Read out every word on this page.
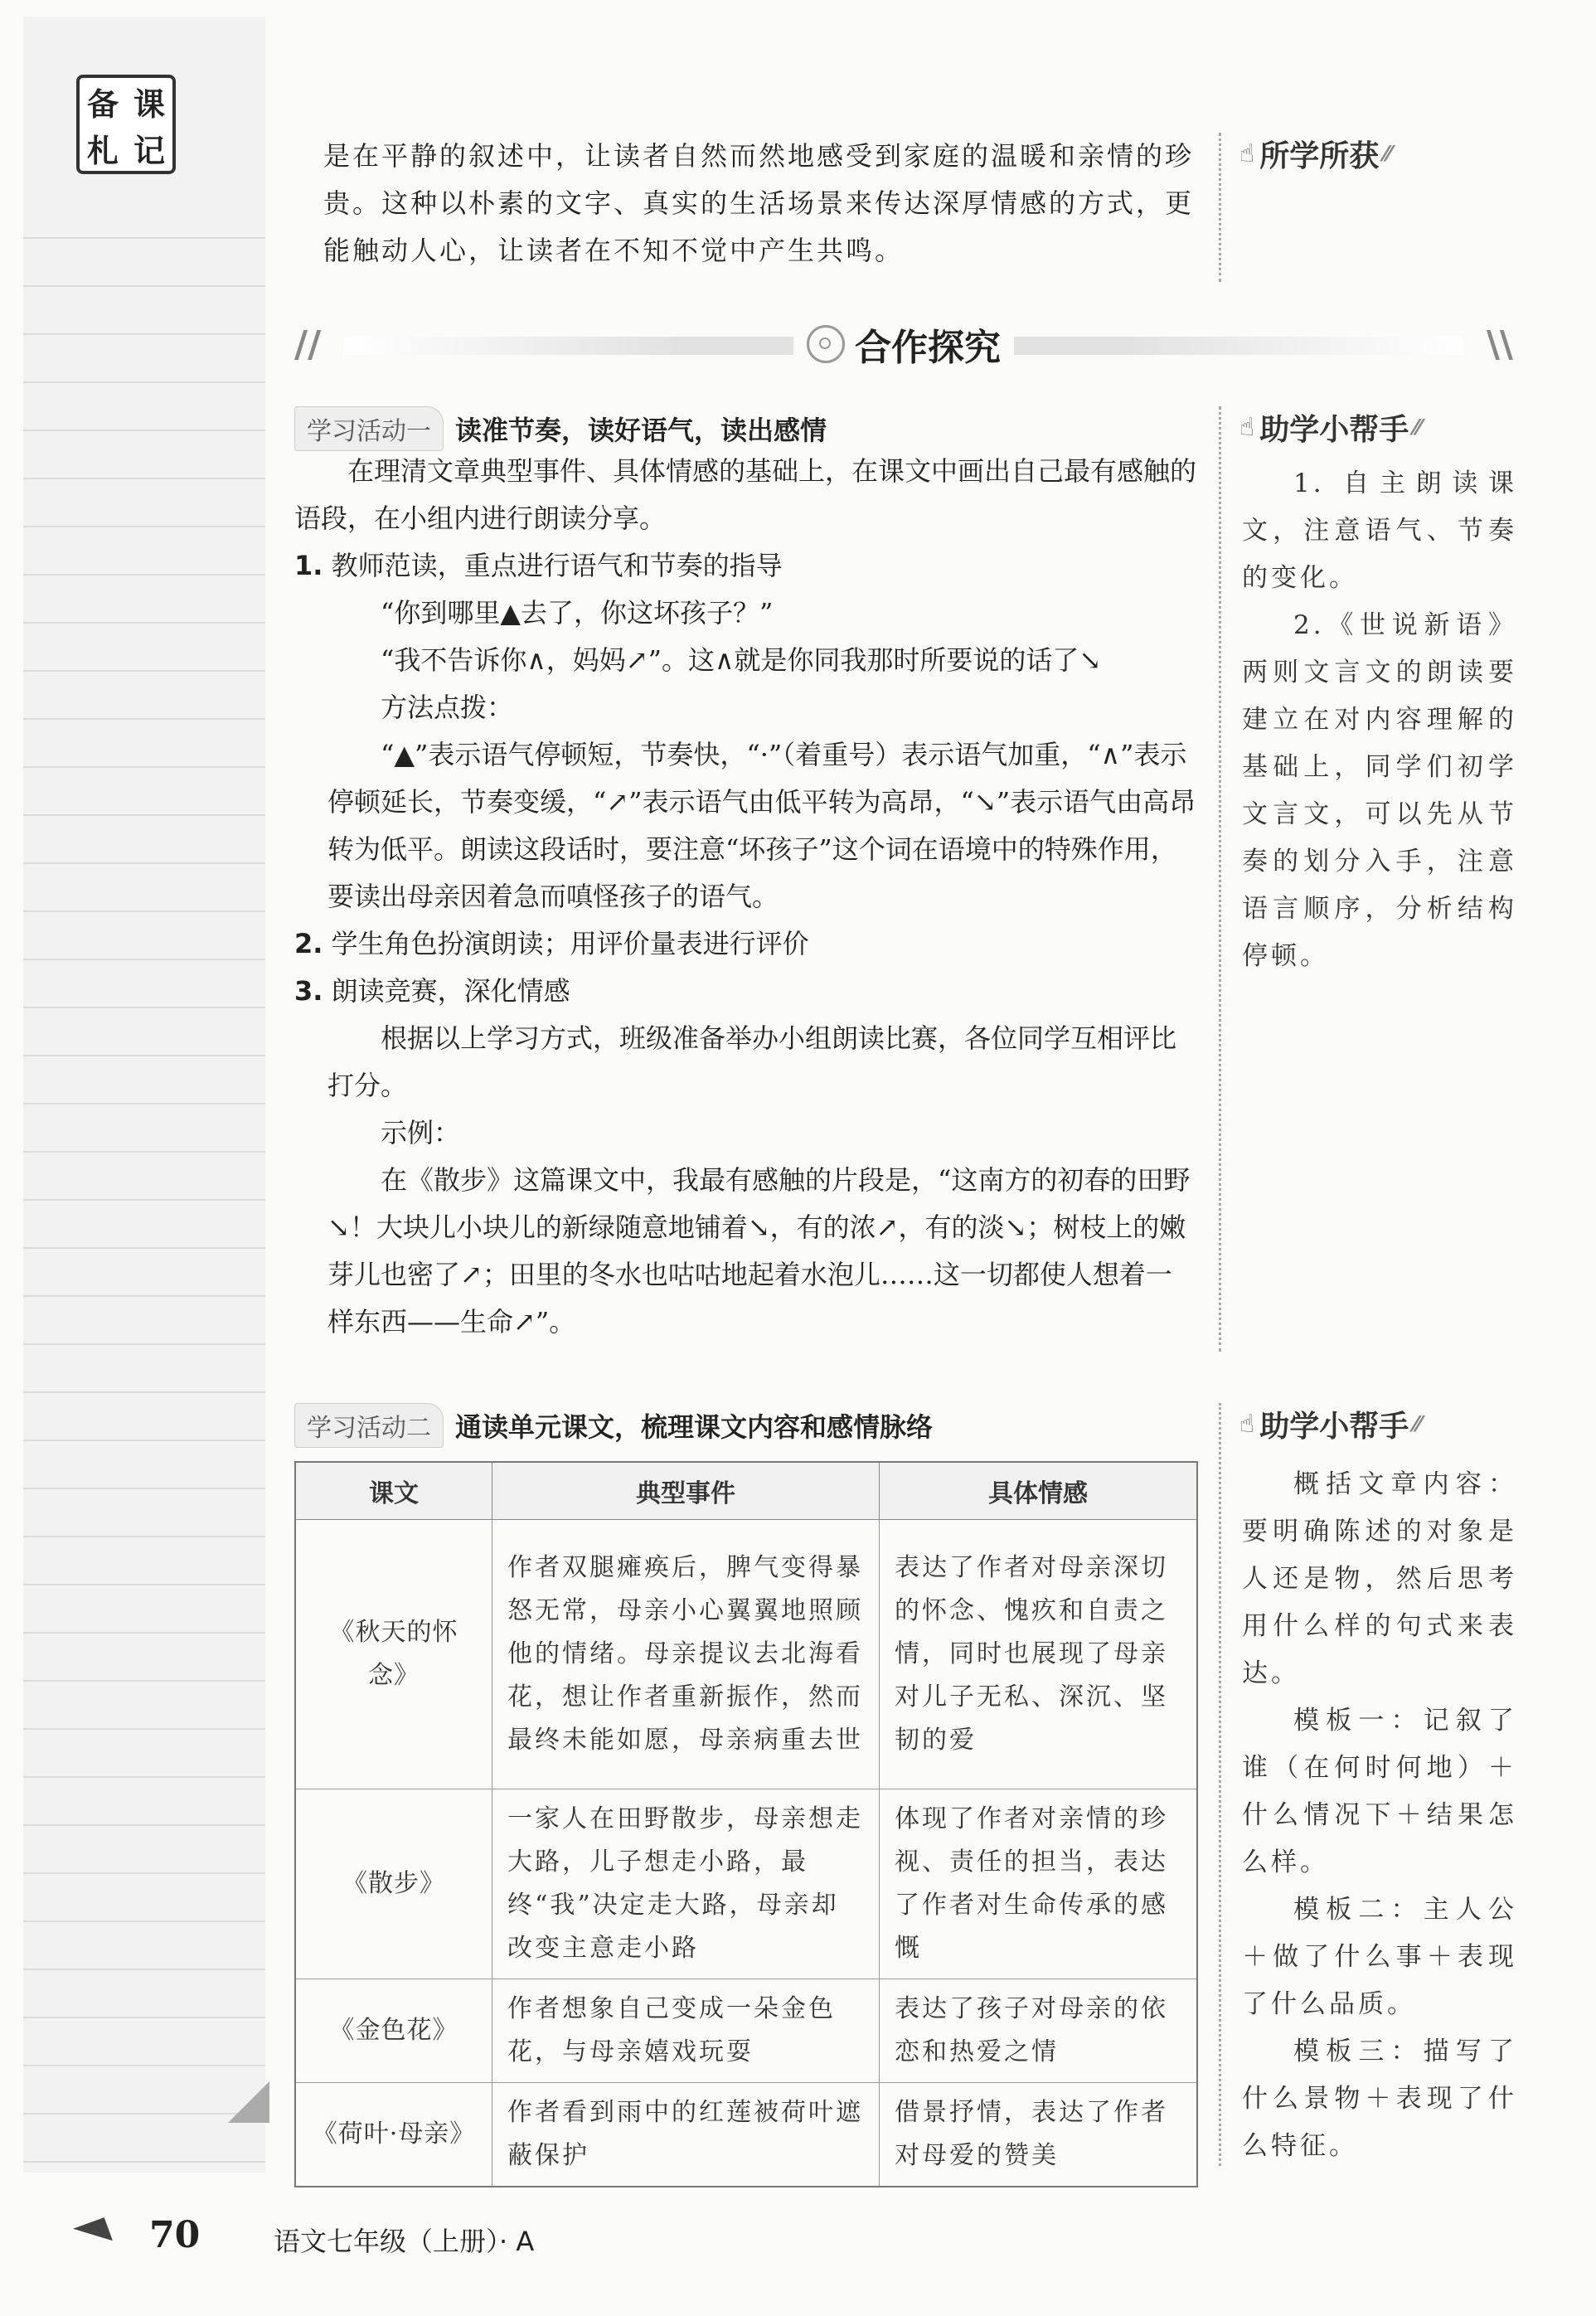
备 课
札 记	是在平静的叙述中，让读者自然而然地感受到家庭的温暖和亲情的珍

贵。这种以朴素的文字、真实的生活场景来传达深厚情感的方式，更

能触动人心，让读者在不知不觉中产生共鸣。

☝ 所学所获 ⁄⁄
//	合作探究	\\
学习活动一 读准节奏，读好语气，读出感情

在理清文章典型事件、具体情感的基础上，在课文中画出自己最有感触的语段，在小组内进行朗读分享。

1. 教师范读，重点进行语气和节奏的指导

“你到哪里▲去了，你这坏孩子？”

“我不告诉你∧，妈妈↗”。这∧就是你同我那时所要说的话了↘

方法点拨：

“▲”表示语气停顿短，节奏快，“·”（着重号）表示语气加重，“∧”表示停顿延长，节奏变缓，“↗”表示语气由低平转为高昂，“↘”表示语气由高昂转为低平。朗读这段话时，要注意“坏孩子”这个词在语境中的特殊作用，要读出母亲因着急而嗔怪孩子的语气。

2. 学生角色扮演朗读；用评价量表进行评价

3. 朗读竞赛，深化情感

根据以上学习方式，班级准备举办小组朗读比赛，各位同学互相评比打分。

示例：

在《散步》这篇课文中，我最有感触的片段是，“这南方的初春的田野↘！大块儿小块儿的新绿随意地铺着↘，有的浓↗，有的淡↘；树枝上的嫩芽儿也密了↗；田里的冬水也咕咕地起着水泡儿……这一切都使人想着一样东西——生命↗”。

☝ 助学小帮手 ⁄⁄

1. 自主朗读课文，注意语气、节奏的变化。

2.《世说新语》两则文言文的朗读要建立在对内容理解的基础上，同学们初学文言文，可以先从节奏的划分入手，注意语言顺序，分析结构停顿。

学习活动二 通读单元课文，梳理课文内容和感情脉络
课文	典型事件	具体情感
《秋天的怀念》	作者双腿瘫痪后，脾气变得暴怒无常，母亲小心翼翼地照顾他的情绪。母亲提议去北海看花，想让作者重新振作，然而最终未能如愿，母亲病重去世	表达了作者对母亲深切的怀念、愧疚和自责之情，同时也展现了母亲对儿子无私、深沉、坚韧的爱
《散步》	一家人在田野散步，母亲想走大路，儿子想走小路，最终“我”决定走大路，母亲却改变主意走小路	体现了作者对亲情的珍视、责任的担当，表达了作者对生命传承的感慨
《金色花》	作者想象自己变成一朵金色花，与母亲嬉戏玩耍	表达了孩子对母亲的依恋和热爱之情
《荷叶·母亲》	作者看到雨中的红莲被荷叶遮蔽保护	借景抒情，表达了作者对母爱的赞美
☝ 助学小帮手 ⁄⁄

概括文章内容：要明确陈述的对象是人还是物，然后思考用什么样的句式来表达。

模板一：记叙了谁（在何时何地）＋什么情况下＋结果怎么样。

模板二：主人公＋做了什么事＋表现了什么品质。

模板三：描写了什么景物＋表现了什么特征。

70	语文七年级（上册）· A
